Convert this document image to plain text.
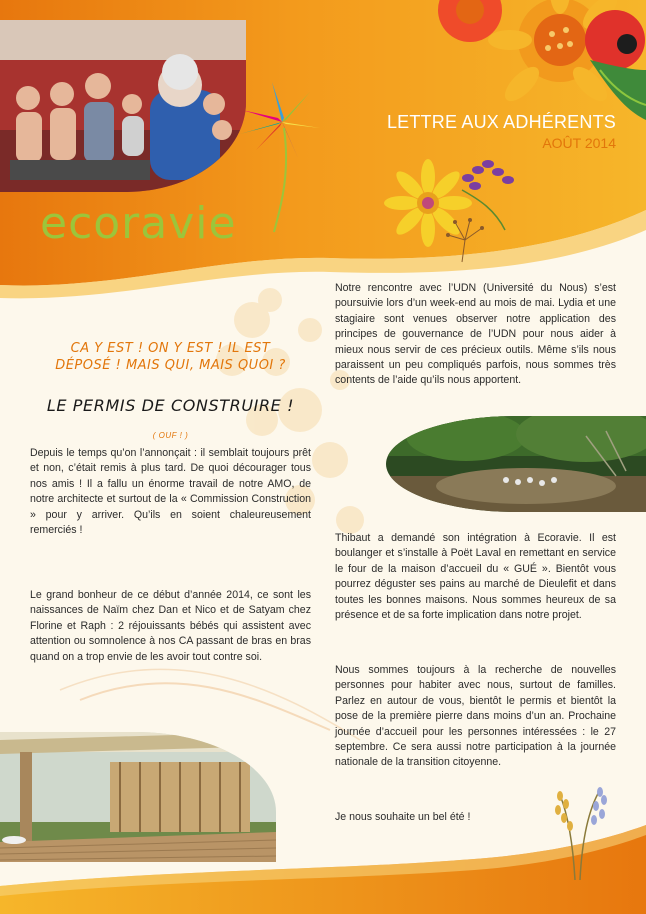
ecoravie
LETTRE AUX ADHÉRENTS
AOÛT 2014
CA Y EST ! ON Y EST ! IL EST
DÉPOSÉ ! MAIS QUI, MAIS QUOI ?
LE PERMIS DE CONSTRUIRE !
( OUF ! )

Depuis le temps qu’on l’annonçait : il semblait toujours prêt et non, c’était remis à plus tard. De quoi décourager tous nos amis ! Il a fallu un énorme travail de notre AMO, de notre architecte et surtout de la « Commission Construction » pour y arriver. Qu’ils en soient chaleureusement remerciés !

Le grand bonheur de ce début d’année 2014, ce sont les naissances de Naïm chez Dan et Nico et de Satyam chez Florine et Raph : 2 réjouissants bébés qui assistent avec attention ou somnolence à nos CA passant de bras en bras quand on a trop envie de les avoir tout contre soi.

Notre rencontre avec l’UDN (Université du Nous) s’est poursuivie lors d’un week-end au mois de mai. Lydia et une stagiaire sont venues observer notre application des principes de gouvernance de l’UDN pour nous aider à mieux nous servir de ces précieux outils. Même s’ils nous paraissent un peu compliqués parfois, nous sommes très contents de l’aide qu’ils nous apportent.

Thibaut a demandé son intégration à Ecoravie. Il est boulanger et s’installe à Poët Laval en remettant en service le four de la maison d’accueil du « GUÉ ». Bientôt vous pourrez déguster ses pains au marché de Dieulefit et dans toutes les bonnes maisons. Nous sommes heureux de sa présence et de sa forte implication dans notre projet.

Nous sommes toujours à la recherche de nouvelles personnes pour habiter avec nous, surtout de familles. Parlez en autour de vous, bientôt le permis et bientôt la pose de la première pierre dans moins d’un an. Prochaine journée d’accueil pour les personnes intéressées : le 27 septembre. Ce sera aussi notre participation à la journée nationale de la transition citoyenne.

Je nous souhaite un bel été !
